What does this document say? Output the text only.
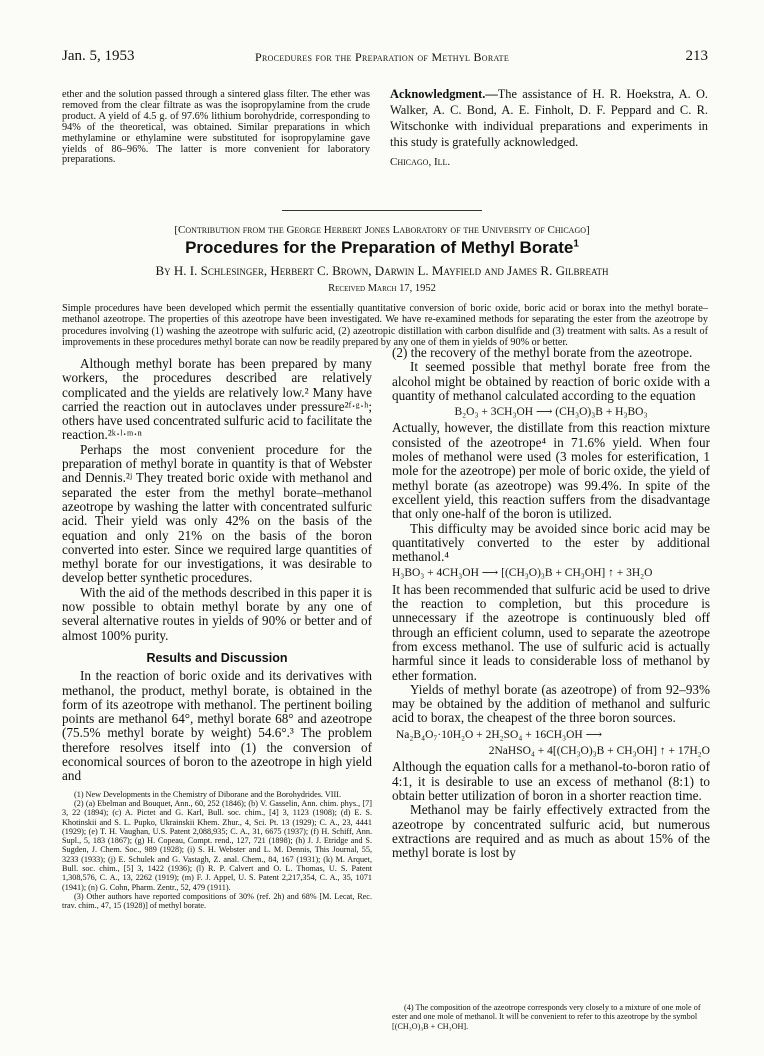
Jan. 5, 1953	Procedures for the Preparation of Methyl Borate	213
ether and the solution passed through a sintered glass filter. The ether was removed from the clear filtrate as was the isopropylamine from the crude product. A yield of 4.5 g. of 97.6% lithium borohydride, corresponding to 94% of the theoretical, was obtained. Similar preparations in which methylamine or ethylamine were substituted for isopropylamine gave yields of 86–96%. The latter is more convenient for laboratory preparations.
Acknowledgment.—The assistance of H. R. Hoekstra, A. O. Walker, A. C. Bond, A. E. Finholt, D. F. Peppard and C. R. Witschonke with individual preparations and experiments in this study is gratefully acknowledged.
Chicago, Ill.
[Contribution from the George Herbert Jones Laboratory of the University of Chicago]
Procedures for the Preparation of Methyl Borate$^1$
By H. I. Schlesinger, Herbert C. Brown, Darwin L. Mayfield and James R. Gilbreath
Received March 17, 1952
Simple procedures have been developed which permit the essentially quantitative conversion of boric oxide, boric acid or borax into the methyl borate–methanol azeotrope. The properties of this azeotrope have been investigated. We have re-examined methods for separating the ester from the azeotrope by procedures involving (1) washing the azeotrope with sulfuric acid, (2) azeotropic distillation with carbon disulfide and (3) treatment with salts. As a result of improvements in these procedures methyl borate can now be readily prepared by any one of them in yields of 90% or better.

Although methyl borate has been prepared by many workers, the procedures described are relatively complicated and the yields are relatively low.² Many have carried the reaction out in autoclaves under pressure²ᶠ·ᵍ·ʰ; others have used concentrated sulfuric acid to facilitate the reaction.²ᵏ·ˡ·ᵐ·ⁿ

Perhaps the most convenient procedure for the preparation of methyl borate in quantity is that of Webster and Dennis.²ʲ They treated boric oxide with methanol and separated the ester from the methyl borate–methanol azeotrope by washing the latter with concentrated sulfuric acid. Their yield was only 42% on the basis of the equation and only 21% on the basis of the boron converted into ester. Since we required large quantities of methyl borate for our investigations, it was desirable to develop better synthetic procedures.

With the aid of the methods described in this paper it is now possible to obtain methyl borate by any one of several alternative routes in yields of 90% or better and of almost 100% purity.

Results and Discussion

In the reaction of boric oxide and its derivatives with methanol, the product, methyl borate, is obtained in the form of its azeotrope with methanol. The pertinent boiling points are methanol 64°, methyl borate 68° and azeotrope (75.5% methyl borate by weight) 54.6°.³ The problem therefore resolves itself into (1) the conversion of economical sources of boron to the azeotrope in high yield and

(1) New Developments in the Chemistry of Diborane and the Borohydrides. VIII.

(2) (a) Ebelman and Bouquet, Ann., 60, 252 (1846); (b) V. Gasselin, Ann. chim. phys., [7] 3, 22 (1894); (c) A. Pictet and G. Karl, Bull. soc. chim., [4] 3, 1123 (1908); (d) E. S. Khotinskii and S. L. Pupko, Ukrainskii Khem. Zhur., 4, Sci. Pt. 13 (1929); C. A., 23, 4441 (1929); (e) T. H. Vaughan, U.S. Patent 2,088,935; C. A., 31, 6675 (1937); (f) H. Schiff, Ann. Supl., 5, 183 (1867); (g) H. Copeau, Compt. rend., 127, 721 (1898); (h) J. J. Etridge and S. Sugden, J. Chem. Soc., 989 (1928); (i) S. H. Webster and L. M. Dennis, This Journal, 55, 3233 (1933); (j) E. Schulek and G. Vastagh, Z. anal. Chem., 84, 167 (1931); (k) M. Arquet, Bull. soc. chim., [5] 3, 1422 (1936); (l) R. P. Calvert and O. L. Thomas, U. S. Patent 1,308,576, C. A., 13, 2262 (1919); (m) F. J. Appel, U. S. Patent 2,217,354, C. A., 35, 1071 (1941); (n) G. Cohn, Pharm. Zentr., 52, 479 (1911).

(3) Other authors have reported compositions of 30% (ref. 2h) and 68% [M. Lecat, Rec. trav. chim., 47, 15 (1928)] of methyl borate.

(2) the recovery of the methyl borate from the azeotrope.

It seemed possible that methyl borate free from the alcohol might be obtained by reaction of boric oxide with a quantity of methanol calculated according to the equation

B₂O₃ + 3CH₃OH ⟶ (CH₃O)₃B + H₃BO₃

Actually, however, the distillate from this reaction mixture consisted of the azeotrope⁴ in 71.6% yield. When four moles of methanol were used (3 moles for esterification, 1 mole for the azeotrope) per mole of boric oxide, the yield of methyl borate (as azeotrope) was 99.4%. In spite of the excellent yield, this reaction suffers from the disadvantage that only one-half of the boron is utilized.

This difficulty may be avoided since boric acid may be quantitatively converted to the ester by additional methanol.⁴

H₃BO₃ + 4CH₃OH ⟶ [(CH₃O)₃B + CH₃OH] ↑ + 3H₂O

It has been recommended that sulfuric acid be used to drive the reaction to completion, but this procedure is unnecessary if the azeotrope is continuously bled off through an efficient column, used to separate the azeotrope from excess methanol. The use of sulfuric acid is actually harmful since it leads to considerable loss of methanol by ether formation.

Yields of methyl borate (as azeotrope) of from 92–93% may be obtained by the addition of methanol and sulfuric acid to borax, the cheapest of the three boron sources.

Na₂B₄O₇·10H₂O + 2H₂SO₄ + 16CH₃OH ⟶
2NaHSO₄ + 4[(CH₃O)₃B + CH₃OH] ↑ + 17H₂O

Although the equation calls for a methanol-to-boron ratio of 4:1, it is desirable to use an excess of methanol (8:1) to obtain better utilization of boron in a shorter reaction time.

Methanol may be fairly effectively extracted from the azeotrope by concentrated sulfuric acid, but numerous extractions are required and as much as about 15% of the methyl borate is lost by

(4) The composition of the azeotrope corresponds very closely to a mixture of one mole of ester and one mole of methanol. It will be convenient to refer to this azeotrope by the symbol [(CH₃O)₃B + CH₃OH].
